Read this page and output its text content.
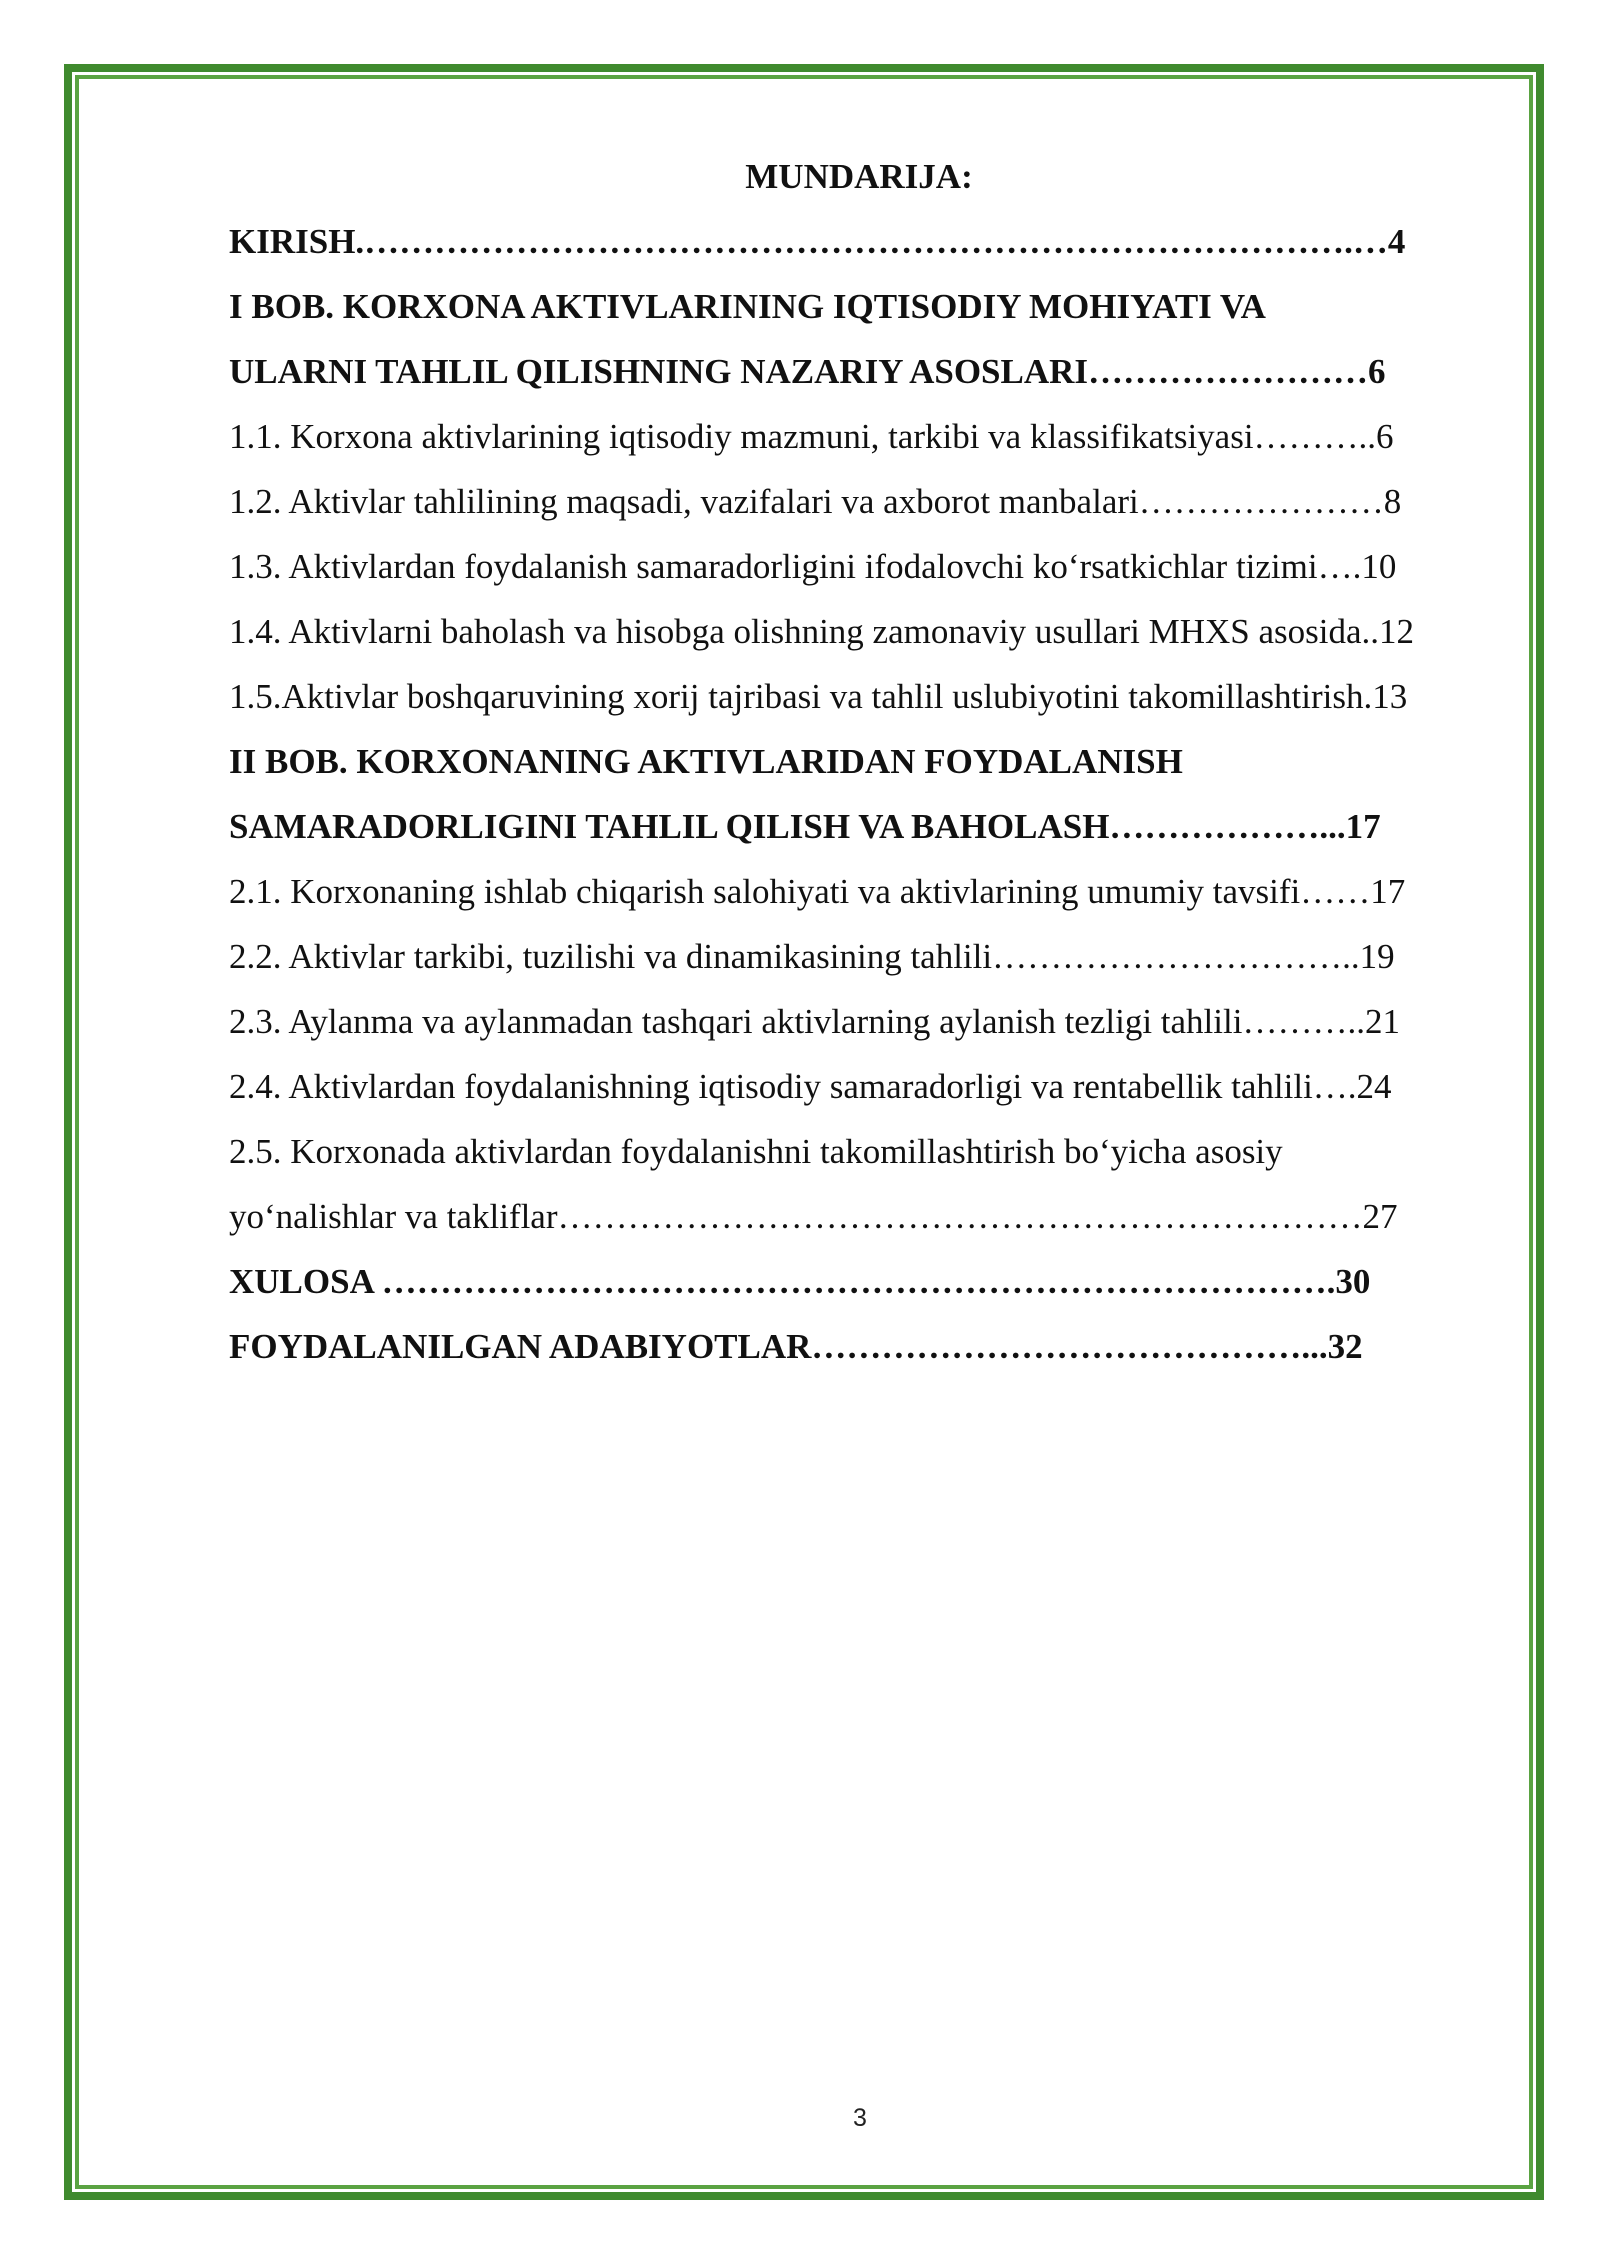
MUNDARIJA:
KIRISH.………………………………………………………………………….…4
I BOB. KORXONA AKTIVLARINING IQTISODIY MOHIYATI VA
ULARNI TAHLIL QILISHNING NAZARIY ASOSLARI……………………6
1.1. Korxona aktivlarining iqtisodiy mazmuni, tarkibi va klassifikatsiyasi………..6
1.2. Aktivlar tahlilining maqsadi, vazifalari va axborot manbalari…………………8
1.3. Aktivlardan foydalanish samaradorligini ifodalovchi ko‘rsatkichlar tizimi….10
1.4. Aktivlarni baholash va hisobga olishning zamonaviy usullari MHXS asosida..12
1.5.Aktivlar boshqaruvining xorij tajribasi va tahlil uslubiyotini takomillashtirish.13
II BOB. KORXONANING AKTIVLARIDAN FOYDALANISH
SAMARADORLIGINI TAHLIL QILISH VA BAHOLASH………………...17
2.1. Korxonaning ishlab chiqarish salohiyati va aktivlarining umumiy tavsifi……17
2.2. Aktivlar tarkibi, tuzilishi va dinamikasining tahlili…………………………..19
2.3. Aylanma va aylanmadan tashqari aktivlarning aylanish tezligi tahlili………..21
2.4. Aktivlardan foydalanishning iqtisodiy samaradorligi va rentabellik tahlili….24
2.5. Korxonada aktivlardan foydalanishni takomillashtirish bo‘yicha asosiy
yo‘nalishlar va takliflar……………………………………………………………27
XULOSA ……………………………………………………………………….30
FOYDALANILGAN ADABIYOTLAR……………………………………...32
3
